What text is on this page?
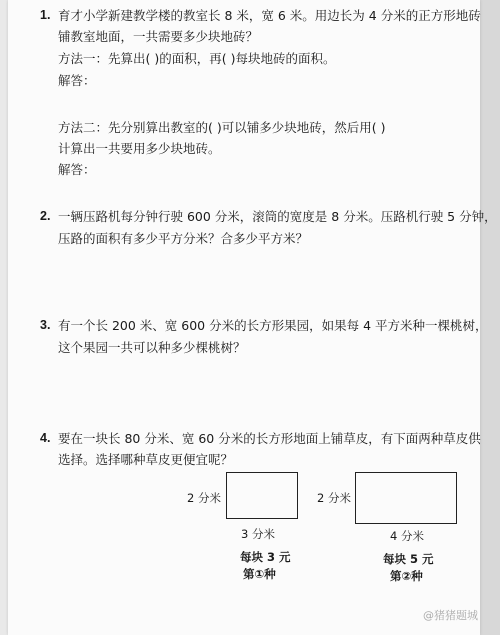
1. 育才小学新建教学楼的教室长 8 米，宽 6 米。用边长为 4 分米的正方形地砖
铺教室地面，一共需要多少块地砖？
方法一：先算出( )的面积，再( )每块地砖的面积。
解答：
方法二：先分别算出教室的( )可以铺多少块地砖，然后用( )
计算出一共要用多少块地砖。
解答：
2. 一辆压路机每分钟行驶 600 分米，滚筒的宽度是 8 分米。压路机行驶 5 分钟，
压路的面积有多少平方分米？合多少平方米？
3. 有一个长 200 米、宽 600 分米的长方形果园，如果每 4 平方米种一棵桃树，
这个果园一共可以种多少棵桃树？
4. 要在一块长 80 分米、宽 60 分米的长方形地面上铺草皮，有下面两种草皮供
选择。选择哪种草皮更便宜呢？
2 分米
3 分米
每块 3 元
第①种
2 分米
4 分米
每块 5 元
第②种
@猪猪题城
